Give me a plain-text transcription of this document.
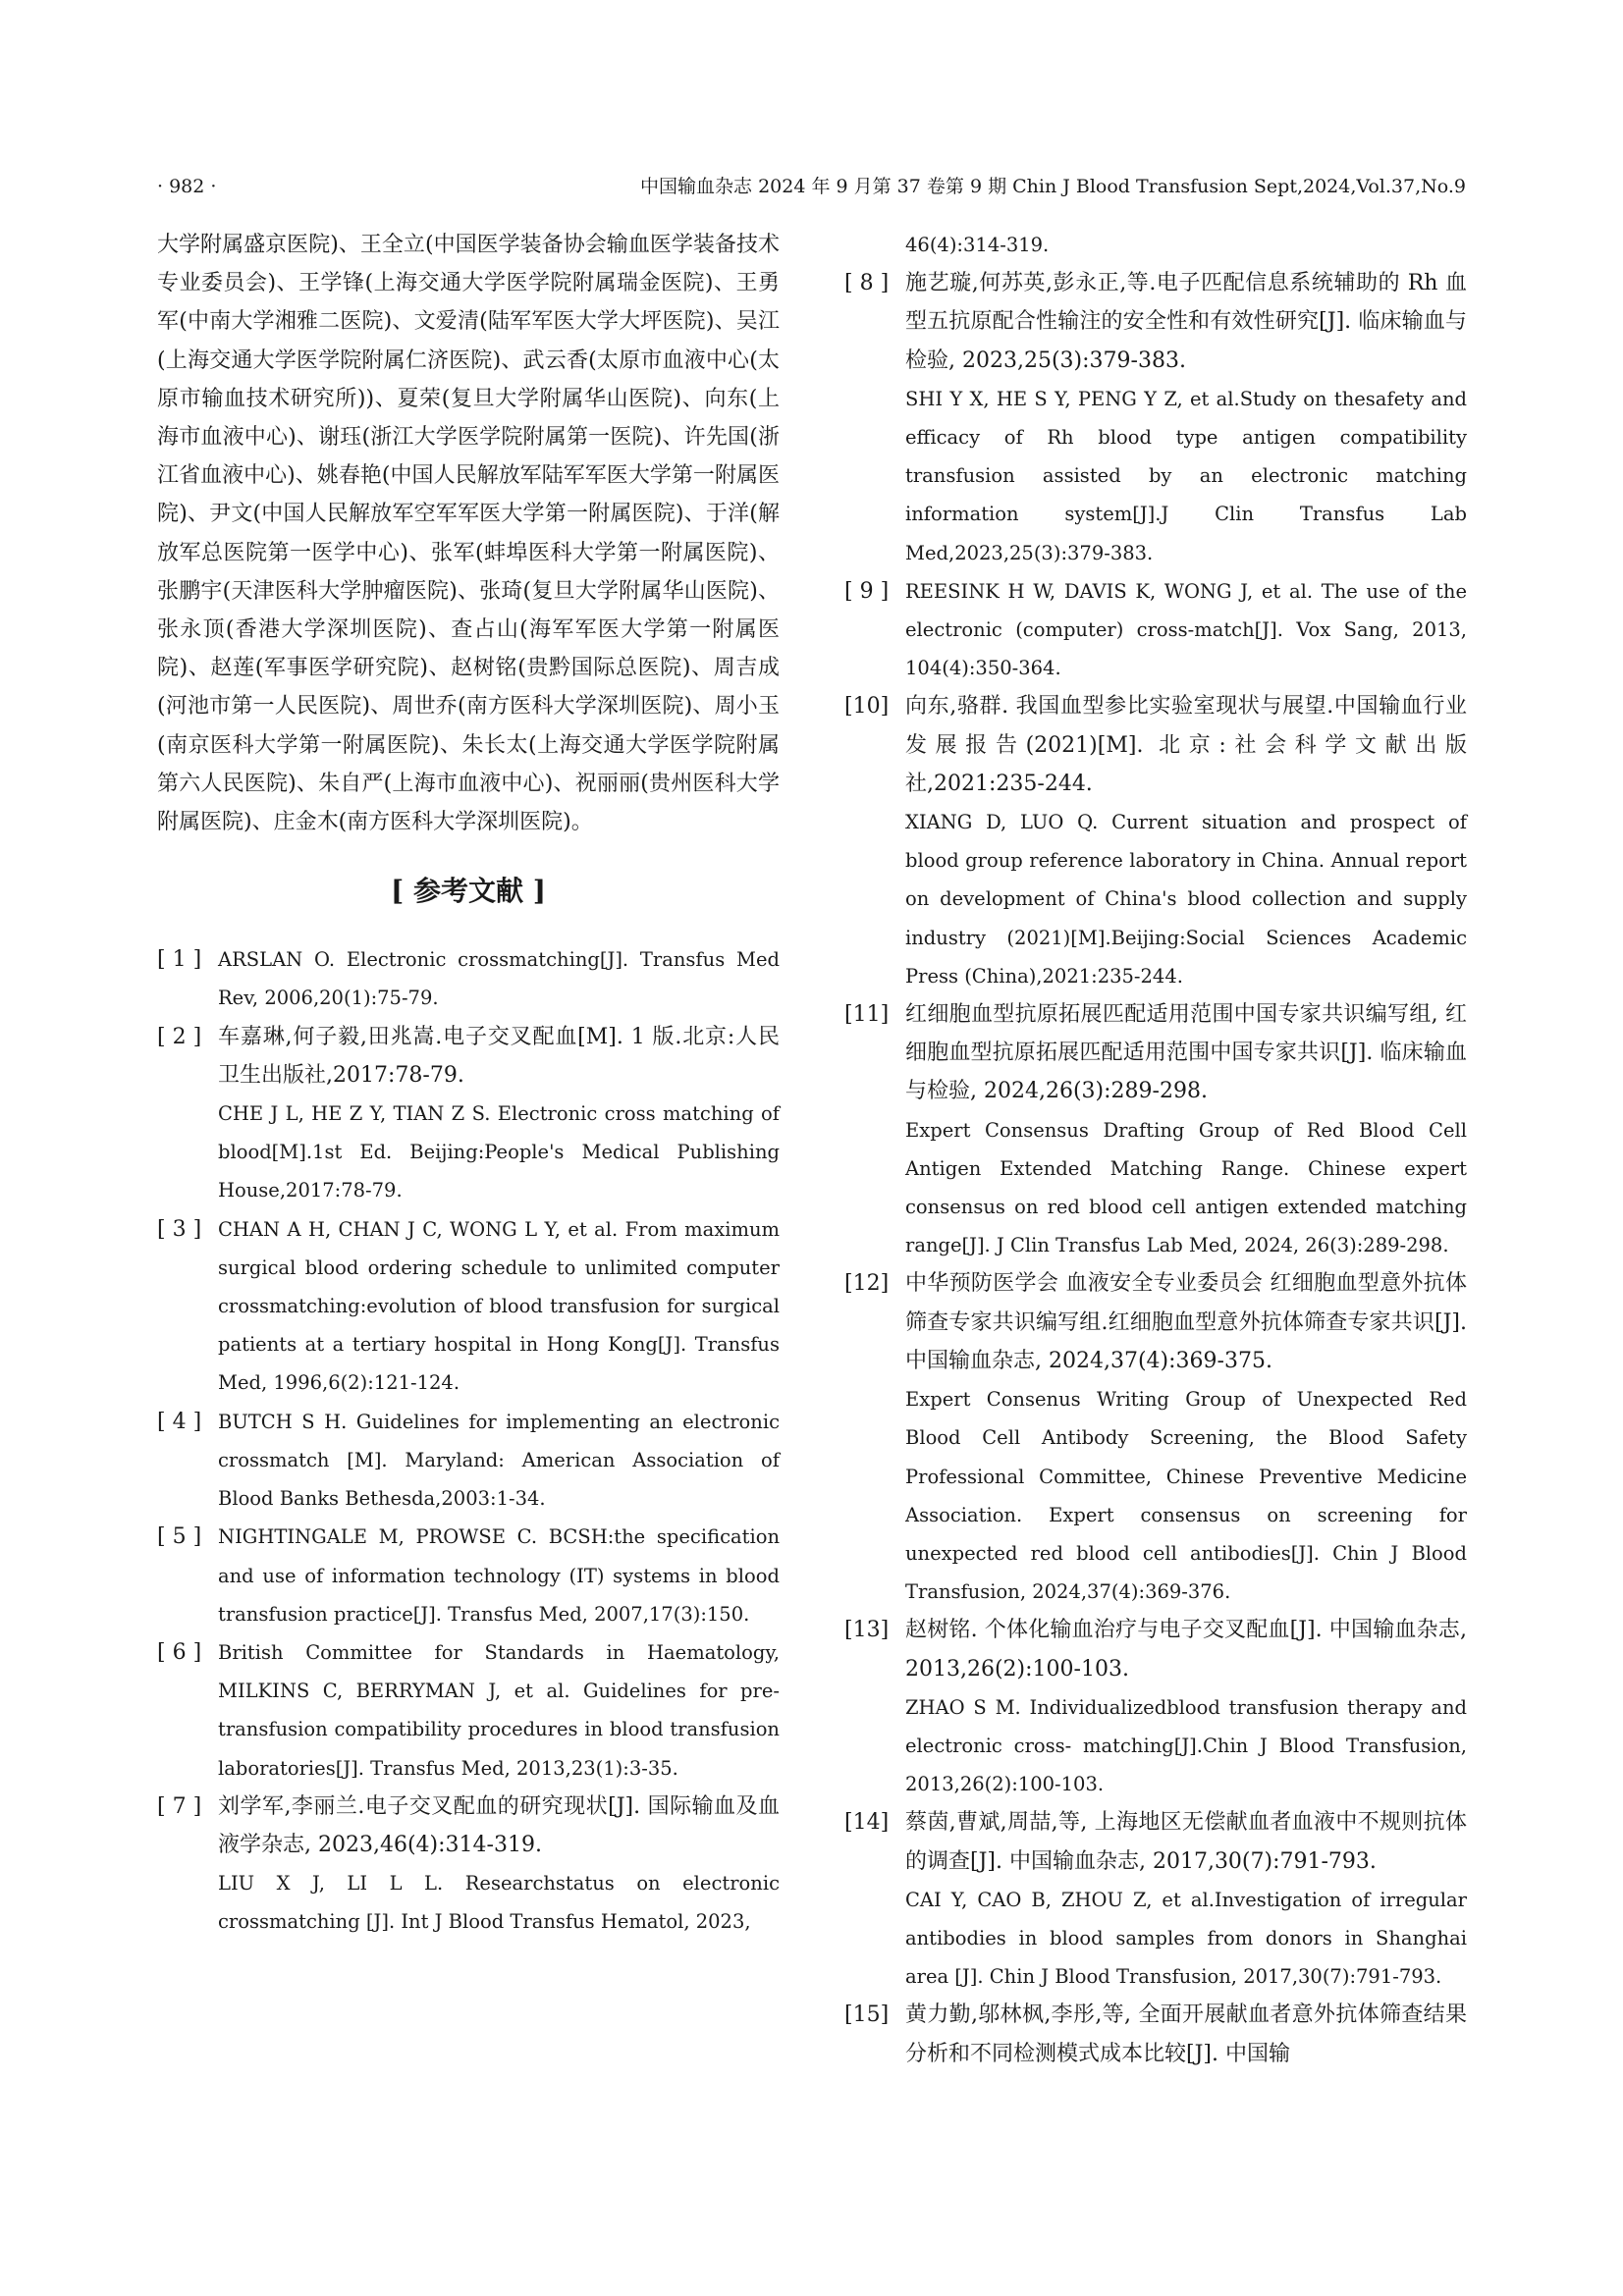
· 982 ·	中国输血杂志 2024 年 9 月第 37 卷第 9 期 Chin J Blood Transfusion Sept,2024,Vol.37,No.9
大学附属盛京医院)、王全立(中国医学装备协会输血医学装备技术专业委员会)、王学锋(上海交通大学医学院附属瑞金医院)、王勇军(中南大学湘雅二医院)、文爱清(陆军军医大学大坪医院)、吴江(上海交通大学医学院附属仁济医院)、武云香(太原市血液中心(太原市输血技术研究所))、夏荣(复旦大学附属华山医院)、向东(上海市血液中心)、谢珏(浙江大学医学院附属第一医院)、许先国(浙江省血液中心)、姚春艳(中国人民解放军陆军军医大学第一附属医院)、尹文(中国人民解放军空军军医大学第一附属医院)、于洋(解放军总医院第一医学中心)、张军(蚌埠医科大学第一附属医院)、张鹏宇(天津医科大学肿瘤医院)、张琦(复旦大学附属华山医院)、张永顶(香港大学深圳医院)、查占山(海军军医大学第一附属医院)、赵莲(军事医学研究院)、赵树铭(贵黔国际总医院)、周吉成(河池市第一人民医院)、周世乔(南方医科大学深圳医院)、周小玉(南京医科大学第一附属医院)、朱长太(上海交通大学医学院附属第六人民医院)、朱自严(上海市血液中心)、祝丽丽(贵州医科大学附属医院)、庄金木(南方医科大学深圳医院)。
[ 参考文献 ]
[ 1 ] ARSLAN O. Electronic crossmatching[J]. Transfus Med Rev, 2006,20(1):75-79.
[ 2 ] 车嘉琳,何子毅,田兆嵩.电子交叉配血[M]. 1 版.北京:人民卫生出版社,2017:78-79.
CHE J L, HE Z Y, TIAN Z S. Electronic cross matching of blood[M].1st Ed. Beijing:People's Medical Publishing House,2017:78-79.
[ 3 ] CHAN A H, CHAN J C, WONG L Y, et al. From maximum surgical blood ordering schedule to unlimited computer crossmatching:evolution of blood transfusion for surgical patients at a tertiary hospital in Hong Kong[J]. Transfus Med, 1996,6(2):121-124.
[ 4 ] BUTCH S H. Guidelines for implementing an electronic crossmatch [M]. Maryland: American Association of Blood Banks Bethesda,2003:1-34.
[ 5 ] NIGHTINGALE M, PROWSE C. BCSH:the specification and use of information technology (IT) systems in blood transfusion practice[J]. Transfus Med, 2007,17(3):150.
[ 6 ] British Committee for Standards in Haematology, MILKINS C, BERRYMAN J, et al. Guidelines for pre-transfusion compatibility procedures in blood transfusion laboratories[J]. Transfus Med, 2013,23(1):3-35.
[ 7 ] 刘学军,李丽兰.电子交叉配血的研究现状[J]. 国际输血及血液学杂志, 2023,46(4):314-319.
LIU X J, LI L L. Researchstatus on electronic crossmatching [J]. Int J Blood Transfus Hematol, 2023,
46(4):314-319.
[ 8 ] 施艺璇,何苏英,彭永正,等.电子匹配信息系统辅助的 Rh 血型五抗原配合性输注的安全性和有效性研究[J]. 临床输血与检验, 2023,25(3):379-383.
SHI Y X, HE S Y, PENG Y Z, et al.Study on thesafety and efficacy of Rh blood type antigen compatibility transfusion assisted by an electronic matching information system[J].J Clin Transfus Lab Med,2023,25(3):379-383.
[ 9 ] REESINK H W, DAVIS K, WONG J, et al. The use of the electronic (computer) cross-match[J]. Vox Sang, 2013, 104(4):350-364.
[10] 向东,骆群. 我国血型参比实验室现状与展望.中国输血行业发展报告(2021)[M]. 北京:社会科学文献出版社,2021:235-244.
XIANG D, LUO Q. Current situation and prospect of blood group reference laboratory in China. Annual report on development of China's blood collection and supply industry (2021)[M].Beijing:Social Sciences Academic Press (China),2021:235-244.
[11] 红细胞血型抗原拓展匹配适用范围中国专家共识编写组, 红细胞血型抗原拓展匹配适用范围中国专家共识[J]. 临床输血与检验, 2024,26(3):289-298.
Expert Consensus Drafting Group of Red Blood Cell Antigen Extended Matching Range. Chinese expert consensus on red blood cell antigen extended matching range[J]. J Clin Transfus Lab Med, 2024, 26(3):289-298.
[12] 中华预防医学会 血液安全专业委员会 红细胞血型意外抗体筛查专家共识编写组.红细胞血型意外抗体筛查专家共识[J]. 中国输血杂志, 2024,37(4):369-375.
Expert Consenus Writing Group of Unexpected Red Blood Cell Antibody Screening, the Blood Safety Professional Committee, Chinese Preventive Medicine Association. Expert consensus on screening for unexpected red blood cell antibodies[J]. Chin J Blood Transfusion, 2024,37(4):369-376.
[13] 赵树铭. 个体化输血治疗与电子交叉配血[J]. 中国输血杂志, 2013,26(2):100-103.
ZHAO S M. Individualizedblood transfusion therapy and electronic cross- matching[J].Chin J Blood Transfusion, 2013,26(2):100-103.
[14] 蔡茵,曹斌,周喆,等, 上海地区无偿献血者血液中不规则抗体的调查[J]. 中国输血杂志, 2017,30(7):791-793.
CAI Y, CAO B, ZHOU Z, et al.Investigation of irregular antibodies in blood samples from donors in Shanghai area [J]. Chin J Blood Transfusion, 2017,30(7):791-793.
[15] 黄力勤,邬林枫,李彤,等, 全面开展献血者意外抗体筛查结果分析和不同检测模式成本比较[J]. 中国输
